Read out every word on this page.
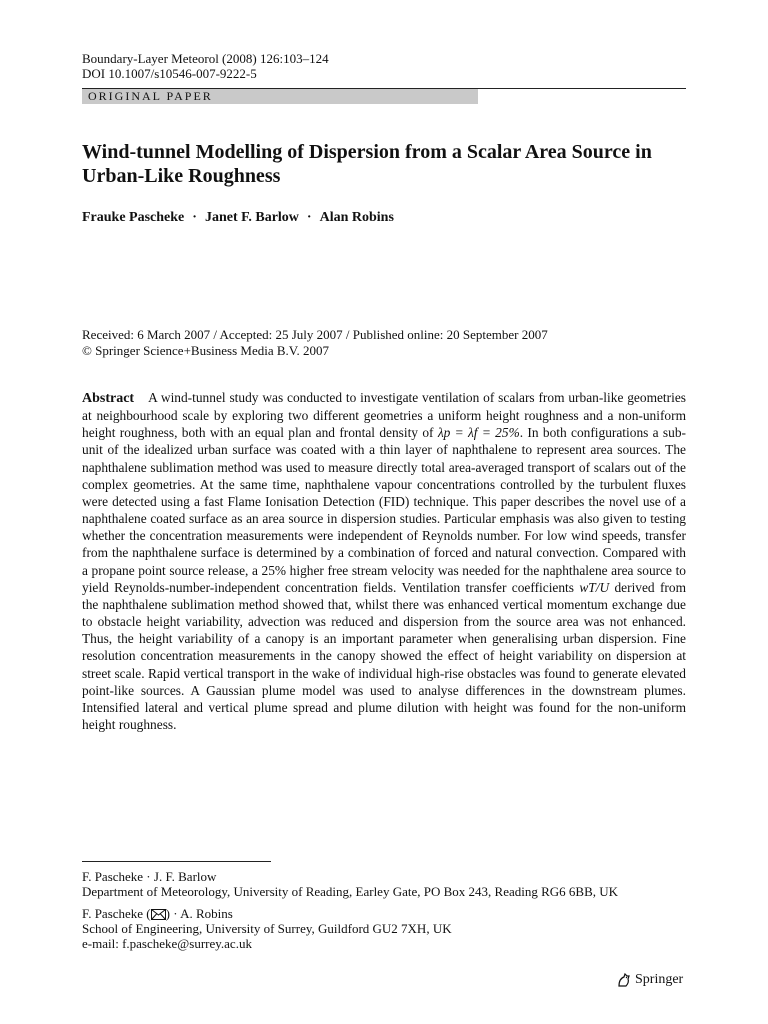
Boundary-Layer Meteorol (2008) 126:103–124
DOI 10.1007/s10546-007-9222-5
ORIGINAL PAPER
Wind-tunnel Modelling of Dispersion from a Scalar Area Source in Urban-Like Roughness
Frauke Pascheke · Janet F. Barlow · Alan Robins
Received: 6 March 2007 / Accepted: 25 July 2007 / Published online: 20 September 2007
© Springer Science+Business Media B.V. 2007

Abstract A wind-tunnel study was conducted to investigate ventilation of scalars from urban-like geometries at neighbourhood scale by exploring two different geometries a uniform height roughness and a non-uniform height roughness, both with an equal plan and frontal density of λp = λf = 25%. In both configurations a sub-unit of the idealized urban surface was coated with a thin layer of naphthalene to represent area sources. The naphthalene sublimation method was used to measure directly total area-averaged transport of scalars out of the complex geometries. At the same time, naphthalene vapour concentrations controlled by the turbulent fluxes were detected using a fast Flame Ionisation Detection (FID) technique. This paper describes the novel use of a naphthalene coated surface as an area source in dispersion studies. Particular emphasis was also given to testing whether the concentration measurements were independent of Reynolds number. For low wind speeds, transfer from the naphthalene surface is determined by a combination of forced and natural convection. Compared with a propane point source release, a 25% higher free stream velocity was needed for the naphthalene area source to yield Reynolds-number-independent concentration fields. Ventilation transfer coefficients wT/U derived from the naphthalene sublimation method showed that, whilst there was enhanced vertical momentum exchange due to obstacle height variability, advection was reduced and dispersion from the source area was not enhanced. Thus, the height variability of a canopy is an important parameter when generalising urban dispersion. Fine resolution concentration measurements in the canopy showed the effect of height variability on dispersion at street scale. Rapid vertical transport in the wake of individual high-rise obstacles was found to generate elevated point-like sources. A Gaussian plume model was used to analyse differences in the downstream plumes. Intensified lateral and vertical plume spread and plume dilution with height was found for the non-uniform height roughness.

F. Pascheke · J. F. Barlow
Department of Meteorology, University of Reading, Earley Gate, PO Box 243, Reading RG6 6BB, UK
F. Pascheke ( ) · A. Robins
School of Engineering, University of Surrey, Guildford GU2 7XH, UK
e-mail: f.pascheke@surrey.ac.uk
Springer
